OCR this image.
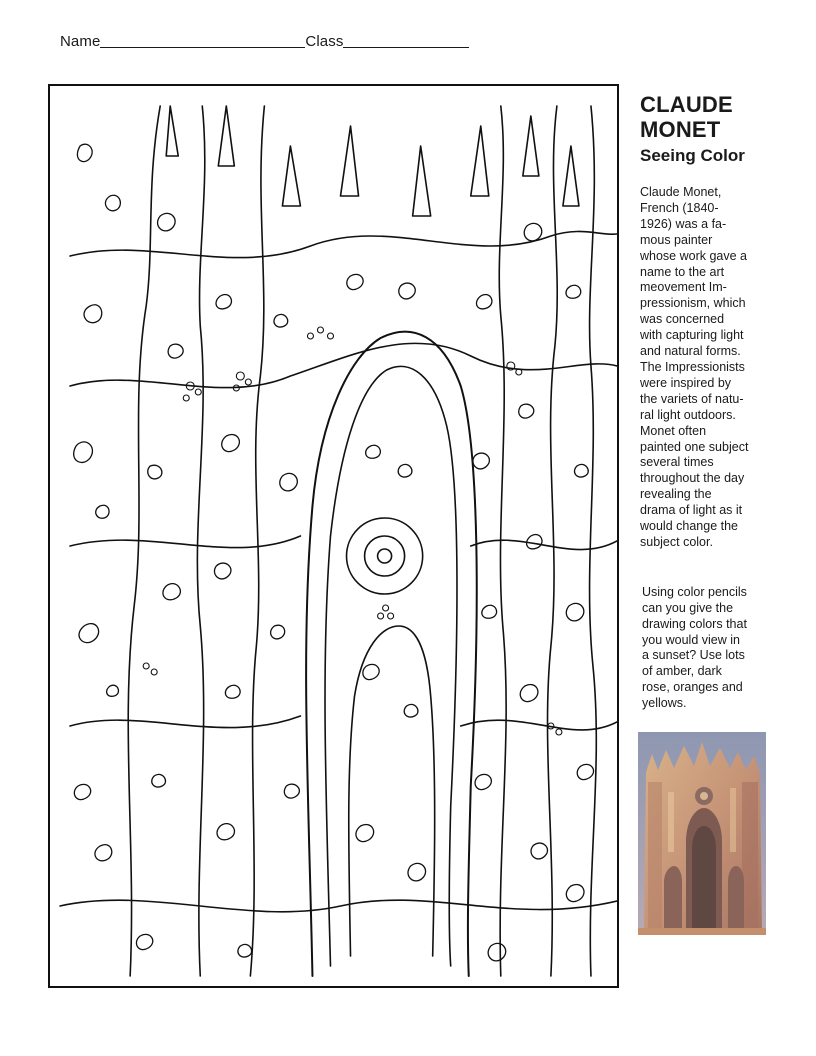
Name	Class
CLAUDE
MONET
Seeing Color

Claude Monet,
French (1840-
1926) was a fa-
mous painter
whose work gave a
name to the art
meovement Im-
pressionism, which
was concerned
with capturing light
and natural forms.
The Impressionists
were inspired by
the variets of natu-
ral light outdoors.
Monet often
painted one subject
several times
throughout the day
revealing the
drama of light as it
would change the
subject color.

Using color pencils
can you give the
drawing colors that
you would view in
a sunset? Use lots
of amber, dark
rose, oranges and
yellows.
